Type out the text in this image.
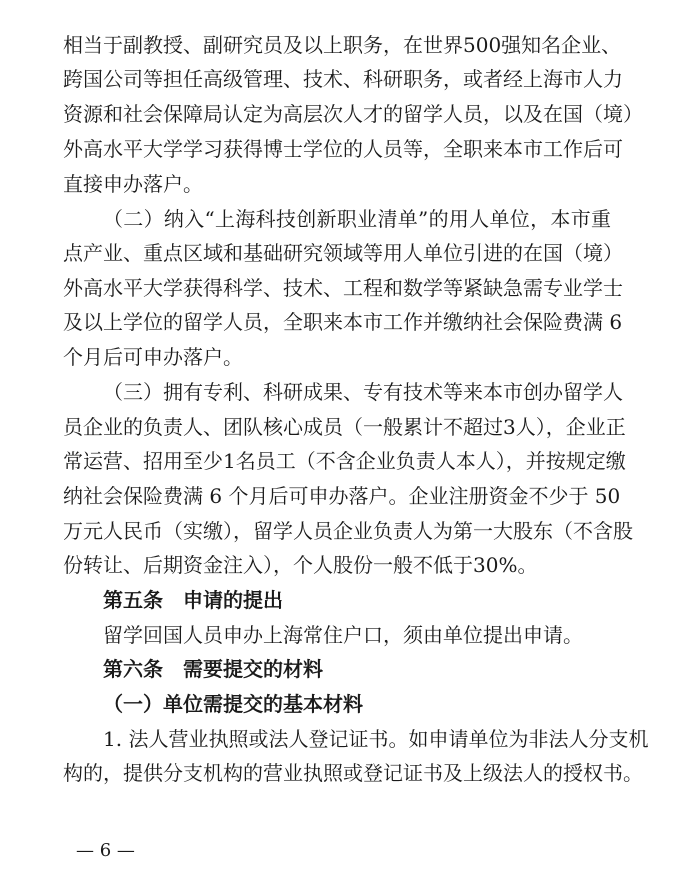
相当于副教授、副研究员及以上职务，在世界500强知名企业、
跨国公司等担任高级管理、技术、科研职务，或者经上海市人力
资源和社会保障局认定为高层次人才的留学人员，以及在国（境）
外高水平大学学习获得博士学位的人员等，全职来本市工作后可
直接申办落户。
（二）纳入“上海科技创新职业清单”的用人单位，本市重
点产业、重点区域和基础研究领域等用人单位引进的在国（境）
外高水平大学获得科学、技术、工程和数学等紧缺急需专业学士
及以上学位的留学人员，全职来本市工作并缴纳社会保险费满 6
个月后可申办落户。
（三）拥有专利、科研成果、专有技术等来本市创办留学人
员企业的负责人、团队核心成员（一般累计不超过3人），企业正
常运营、招用至少1名员工（不含企业负责人本人），并按规定缴
纳社会保险费满 6 个月后可申办落户。企业注册资金不少于 50
万元人民币（实缴），留学人员企业负责人为第一大股东（不含股
份转让、后期资金注入），个人股份一般不低于30%。
第五条 申请的提出
留学回国人员申办上海常住户口，须由单位提出申请。
第六条 需要提交的材料
（一）单位需提交的基本材料
1. 法人营业执照或法人登记证书。如申请单位为非法人分支机
构的，提供分支机构的营业执照或登记证书及上级法人的授权书。
— 6 —
